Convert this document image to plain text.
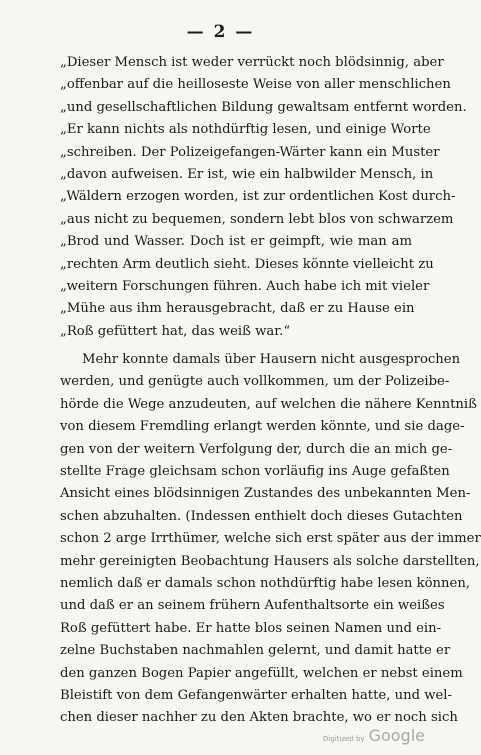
— 2 —
„Dieser Mensch ist weder verrückt noch blödsinnig, aber
„offenbar auf die heilloseste Weise von aller menschlichen
„und gesellschaftlichen Bildung gewaltsam entfernt worden.
„Er kann nichts als nothdürftig lesen, und einige Worte
„schreiben. Der Polizeigefangen-Wärter kann ein Muster
„davon aufweisen. Er ist, wie ein halbwilder Mensch, in
„Wäldern erzogen worden, ist zur ordentlichen Kost durch-
„aus nicht zu bequemen, sondern lebt blos von schwarzem
„Brod und Wasser. Doch ist er geimpft, wie man am
„rechten Arm deutlich sieht. Dieses könnte vielleicht zu
„weitern Forschungen führen. Auch habe ich mit vieler
„Mühe aus ihm herausgebracht, daß er zu Hause ein
„Roß gefüttert hat, das weiß war.“
Mehr konnte damals über Hausern nicht ausgesprochen
werden, und genügte auch vollkommen, um der Polizeibe-
hörde die Wege anzudeuten, auf welchen die nähere Kenntniß
von diesem Fremdling erlangt werden könnte, und sie dage-
gen von der weitern Verfolgung der, durch die an mich ge-
stellte Frage gleichsam schon vorläufig ins Auge gefaßten
Ansicht eines blödsinnigen Zustandes des unbekannten Men-
schen abzuhalten. (Indessen enthielt doch dieses Gutachten
schon 2 arge Irrthümer, welche sich erst später aus der immer
mehr gereinigten Beobachtung Hausers als solche darstellten,
nemlich daß er damals schon nothdürftig habe lesen können,
und daß er an seinem frühern Aufenthaltsorte ein weißes
Roß gefüttert habe. Er hatte blos seinen Namen und ein-
zelne Buchstaben nachmahlen gelernt, und damit hatte er
den ganzen Bogen Papier angefüllt, welchen er nebst einem
Bleistift von dem Gefangenwärter erhalten hatte, und wel-
chen dieser nachher zu den Akten brachte, wo er noch sich
Digitized by Google
